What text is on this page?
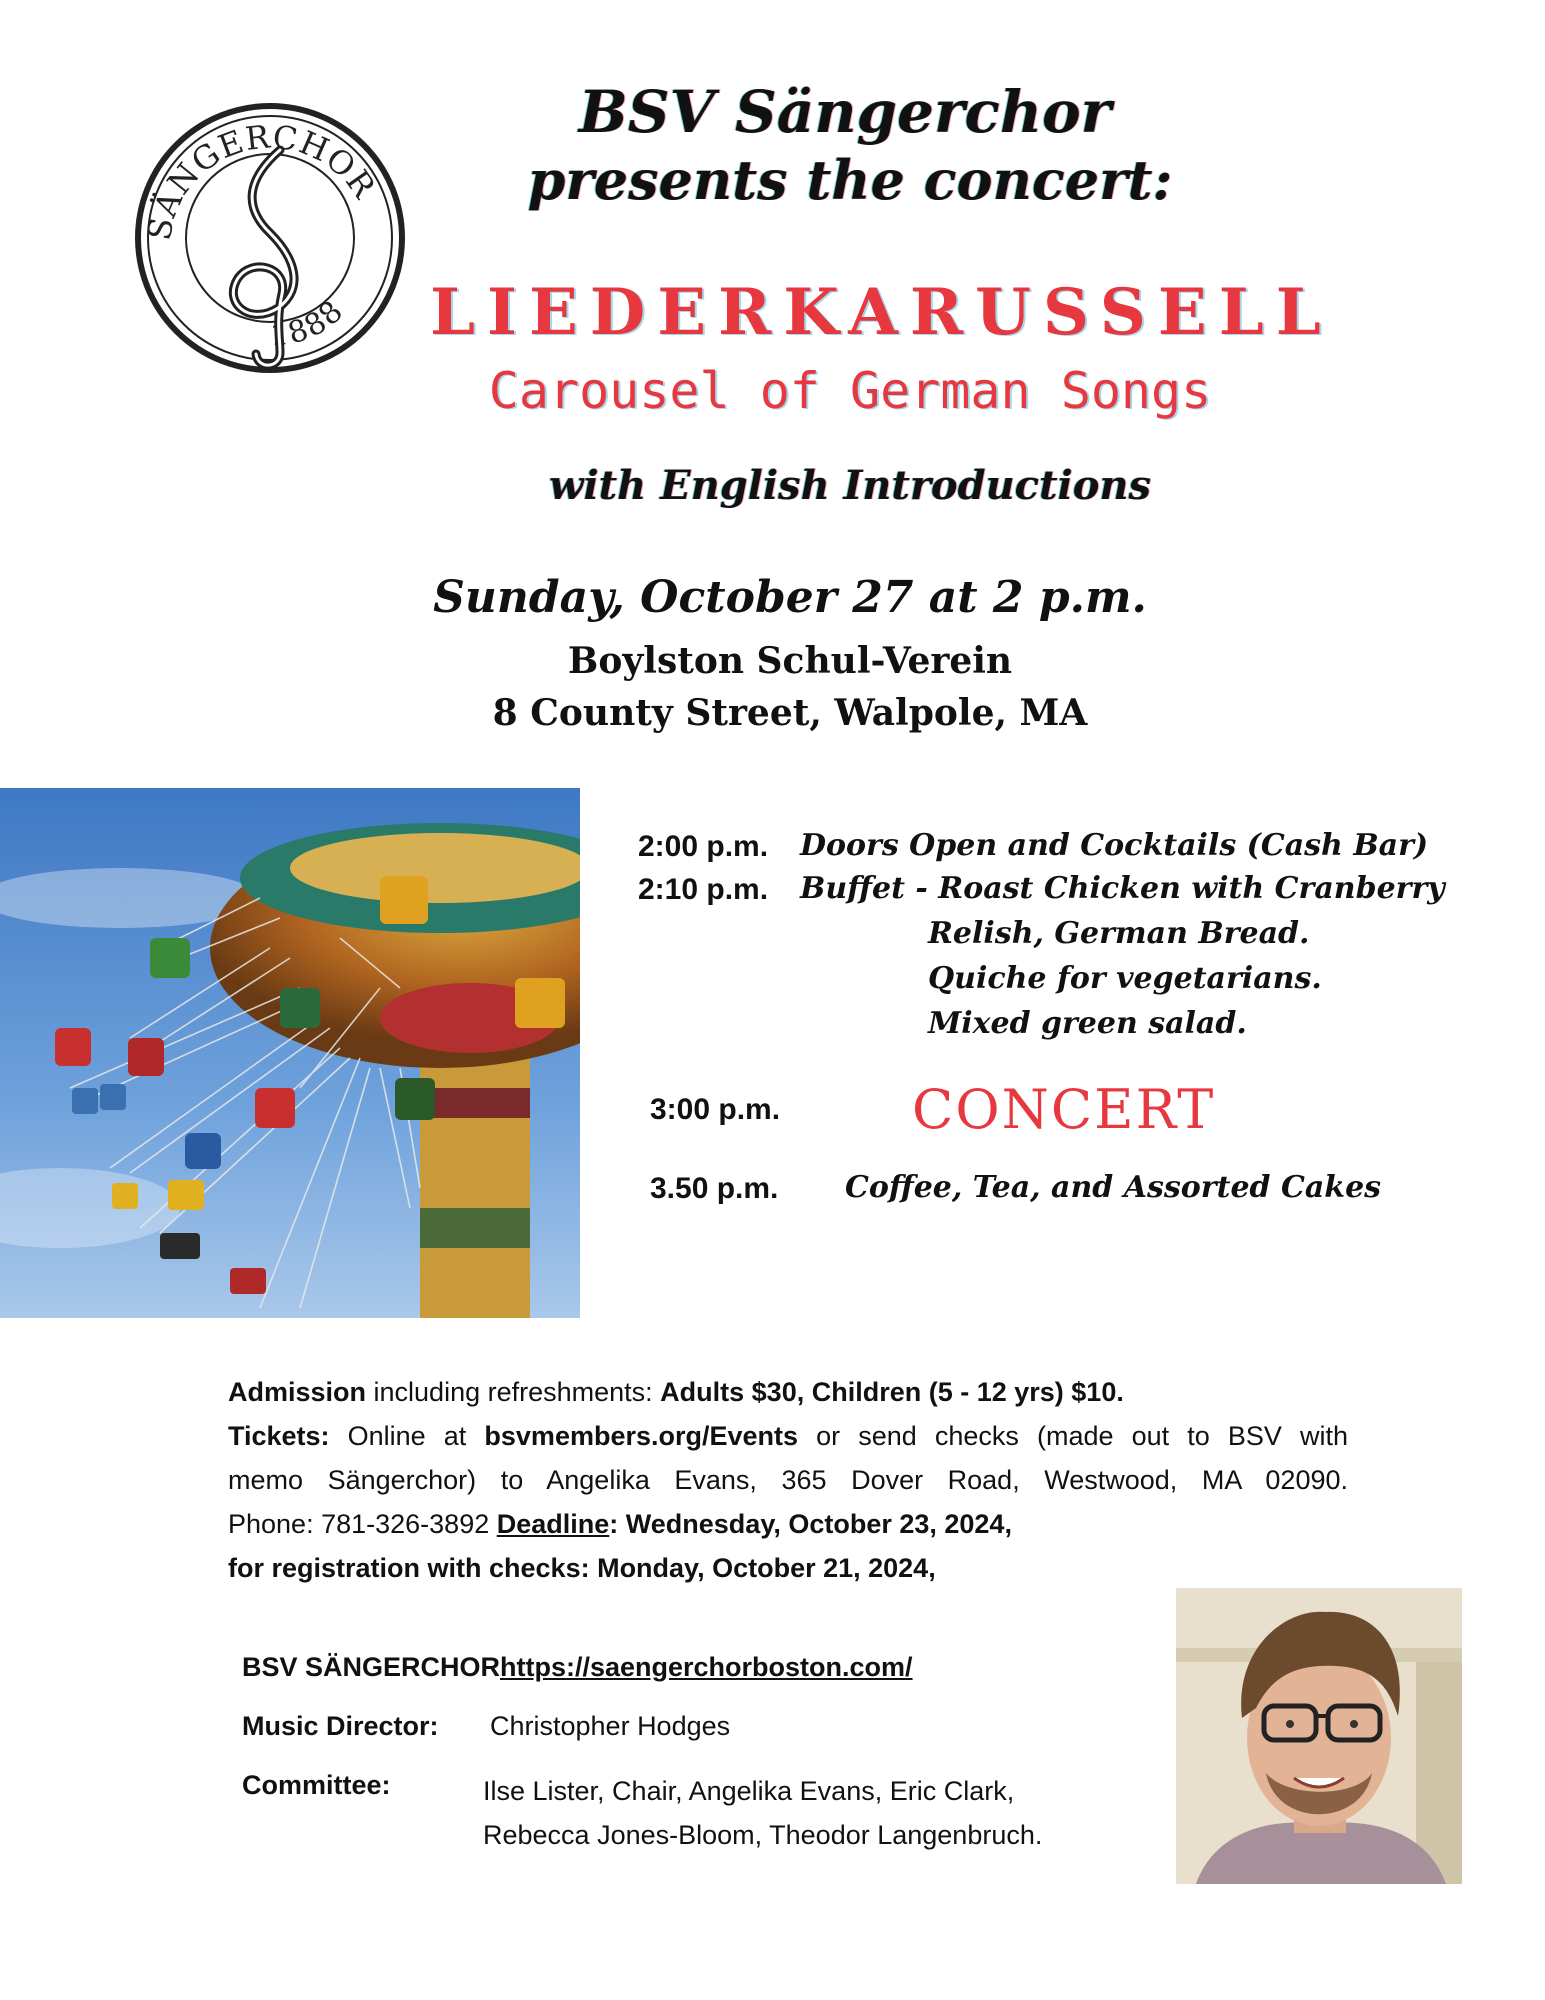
SÄNGERCHOR
1888
BSV Sängerchor
presents the concert:
LIEDERKARUSSELL
Carousel of German Songs
with English Introductions
Sunday, October 27 at 2 p.m.
Boylston Schul-Verein
8 County Street, Walpole, MA
2:00 p.m. Doors Open and Cocktails (Cash Bar)
2:10 p.m. Buffet - Roast Chicken with Cranberry
Relish, German Bread.
Quiche for vegetarians.
Mixed green salad.
3:00 p.m. CONCERT
3.50 p.m. Coffee, Tea, and Assorted Cakes
Admission including refreshments: Adults $30, Children (5 - 12 yrs) $10.
Tickets: Online at bsvmembers.org/Events or send checks (made out to BSV with
memo Sängerchor) to Angelika Evans, 365 Dover Road, Westwood, MA 02090.
Phone: 781-326-3892 Deadline: Wednesday, October 23, 2024,
for registration with checks: Monday, October 21, 2024,
BSV SÄNGERCHOR https://saengerchorboston.com/
Music Director: Christopher Hodges
Committee:	Ilse Lister, Chair, Angelika Evans, Eric Clark,
Rebecca Jones-Bloom, Theodor Langenbruch.
